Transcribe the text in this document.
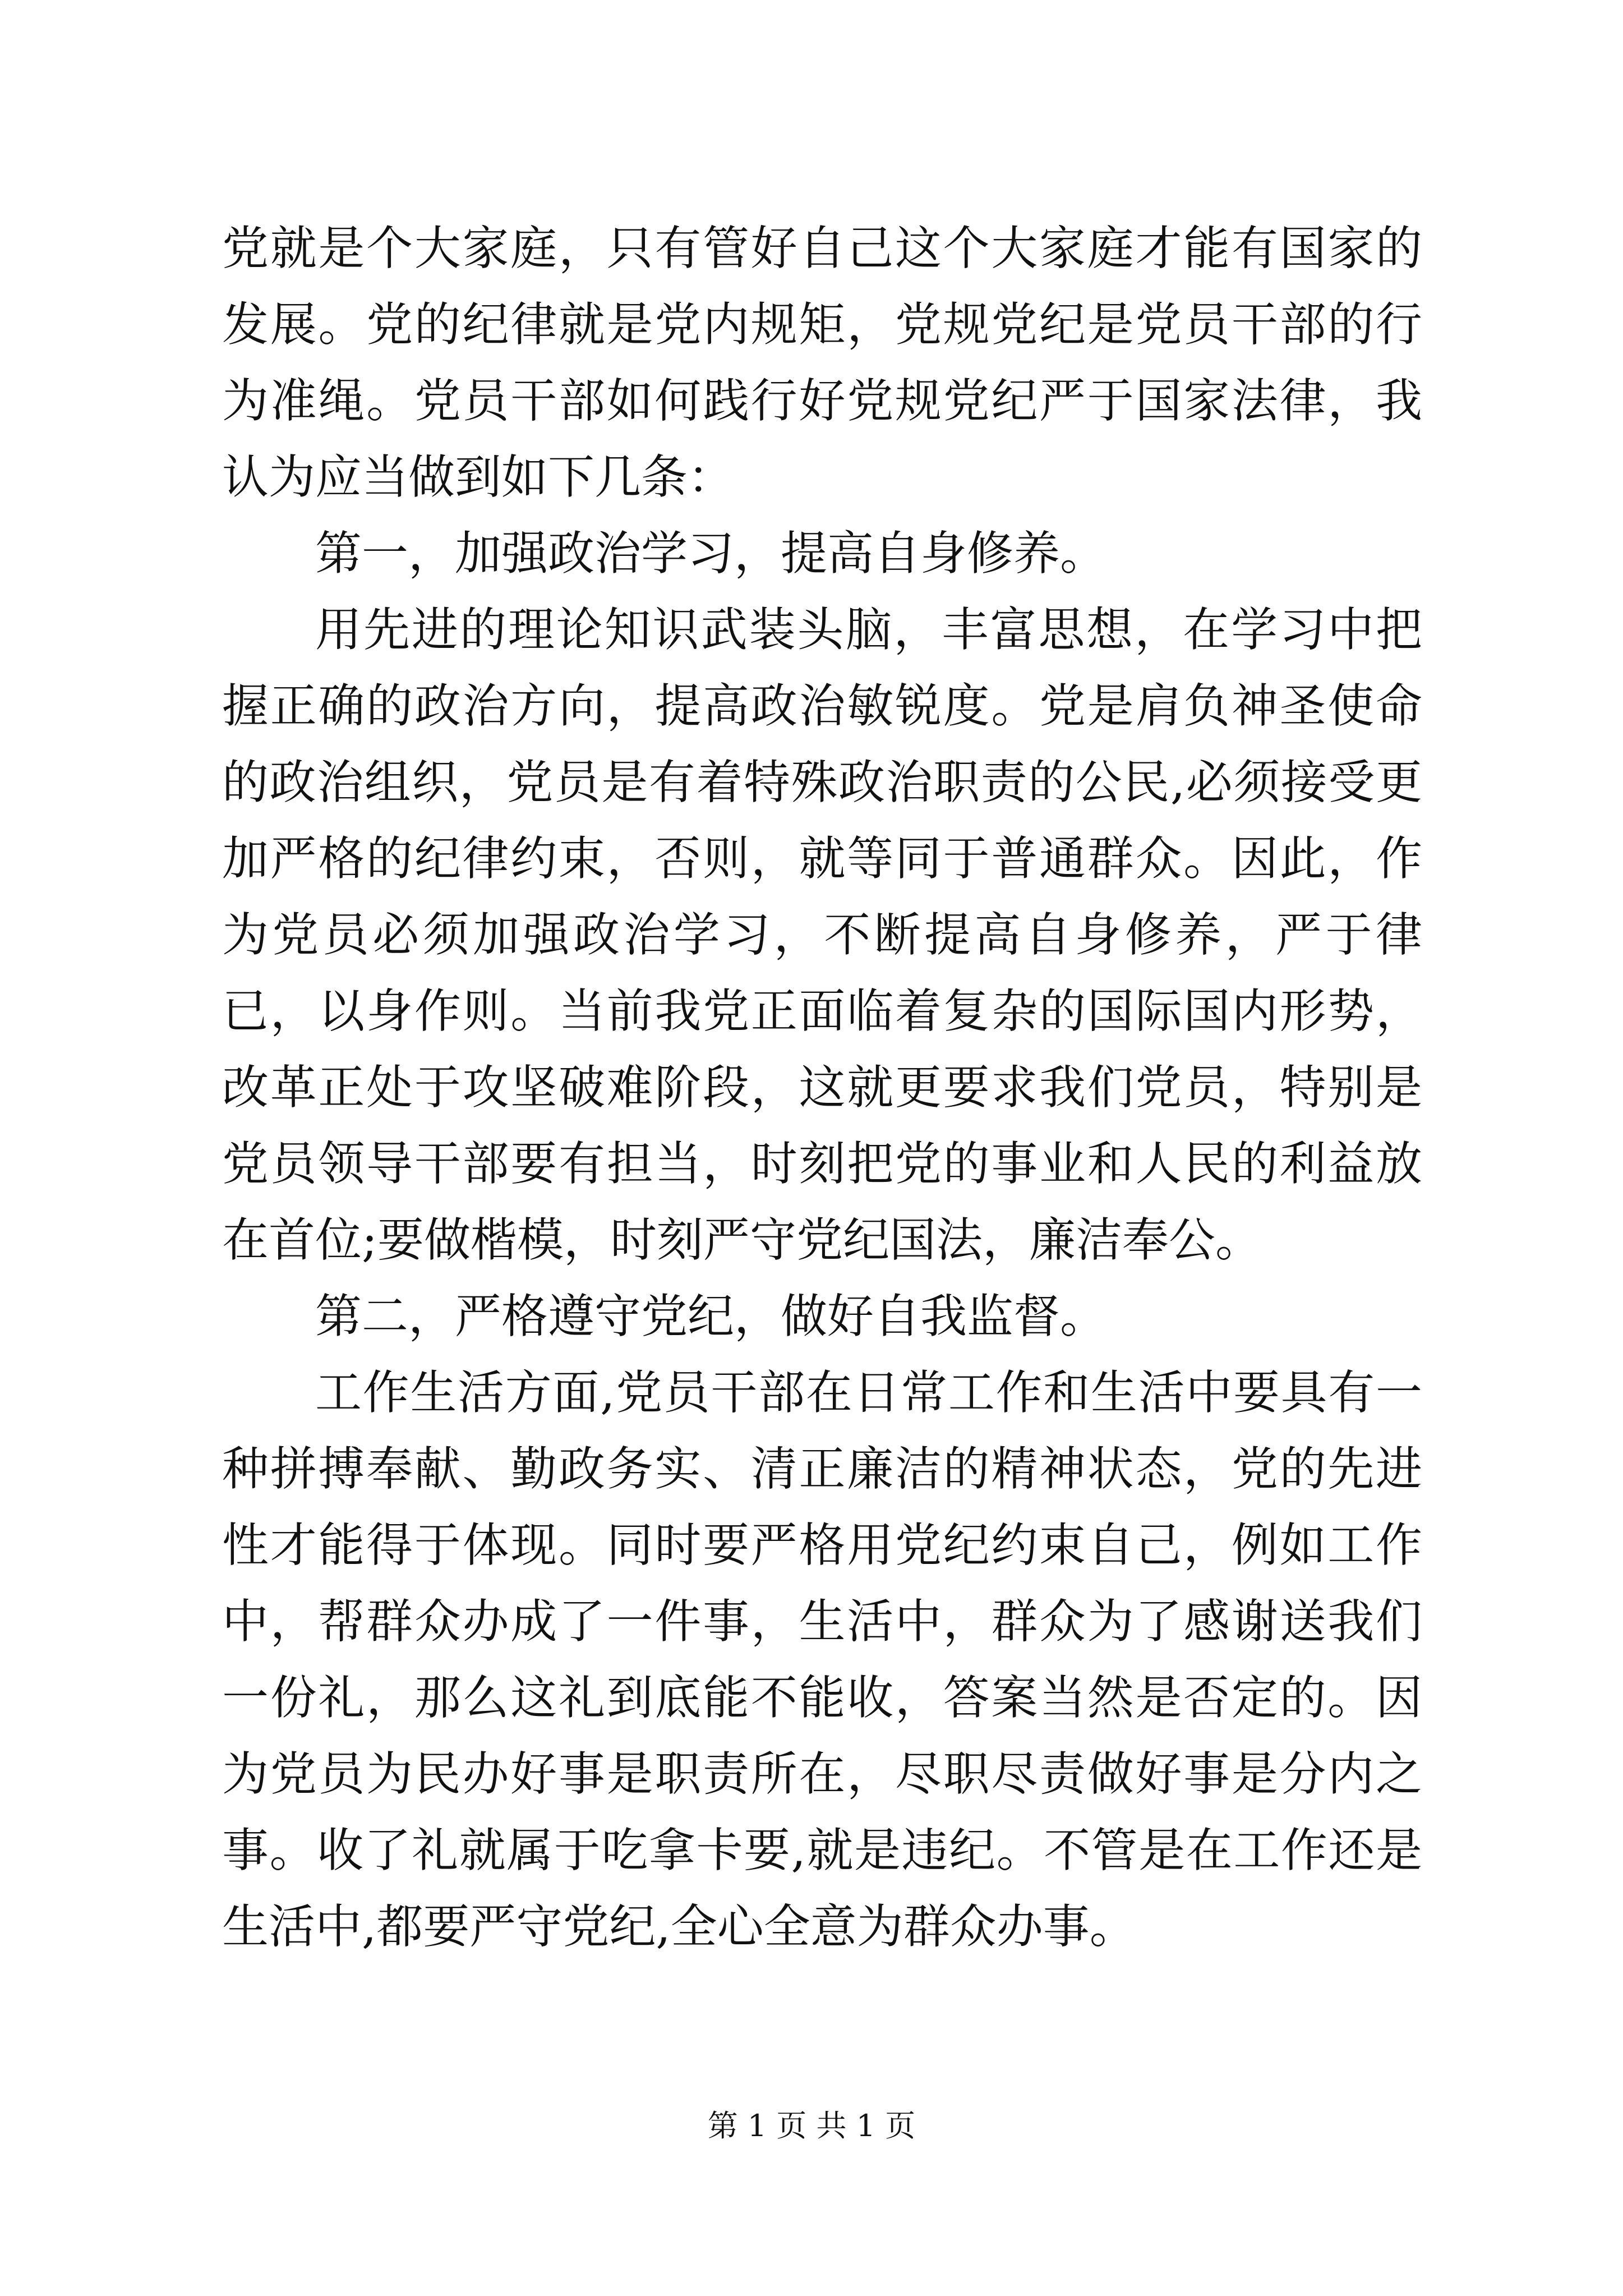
党就是个大家庭，只有管好自己这个大家庭才能有国家的发展。党的纪律就是党内规矩，党规党纪是党员干部的行为准绳。党员干部如何践行好党规党纪严于国家法律，我认为应当做到如下几条：

第一，加强政治学习，提高自身修养。

用先进的理论知识武装头脑，丰富思想，在学习中把握正确的政治方向，提高政治敏锐度。党是肩负神圣使命的政治组织，党员是有着特殊政治职责的公民,必须接受更加严格的纪律约束，否则，就等同于普通群众。因此，作为党员必须加强政治学习，不断提高自身修养，严于律已，以身作则。当前我党正面临着复杂的国际国内形势，改革正处于攻坚破难阶段，这就更要求我们党员，特别是党员领导干部要有担当，时刻把党的事业和人民的利益放在首位;要做楷模，时刻严守党纪国法，廉洁奉公。

第二，严格遵守党纪，做好自我监督。

工作生活方面,党员干部在日常工作和生活中要具有一种拼搏奉献、勤政务实、清正廉洁的精神状态，党的先进性才能得于体现。同时要严格用党纪约束自己，例如工作中，帮群众办成了一件事，生活中，群众为了感谢送我们一份礼，那么这礼到底能不能收，答案当然是否定的。因为党员为民办好事是职责所在，尽职尽责做好事是分内之事。收了礼就属于吃拿卡要,就是违纪。不管是在工作还是生活中,都要严守党纪,全心全意为群众办事。

第 1 页 共 1 页
